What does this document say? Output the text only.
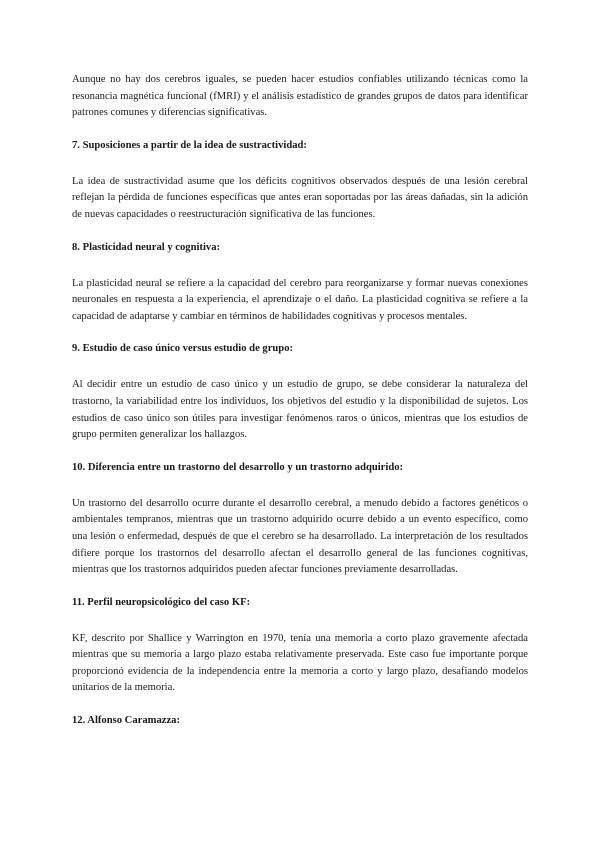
Aunque no hay dos cerebros iguales, se pueden hacer estudios confiables utilizando técnicas como la resonancia magnética funcional (fMRI) y el análisis estadístico de grandes grupos de datos para identificar patrones comunes y diferencias significativas.

7. Suposiciones a partir de la idea de sustractividad:

La idea de sustractividad asume que los déficits cognitivos observados después de una lesión cerebral reflejan la pérdida de funciones específicas que antes eran soportadas por las áreas dañadas, sin la adición de nuevas capacidades o reestructuración significativa de las funciones.

8. Plasticidad neural y cognitiva:

La plasticidad neural se refiere a la capacidad del cerebro para reorganizarse y formar nuevas conexiones neuronales en respuesta a la experiencia, el aprendizaje o el daño. La plasticidad cognitiva se refiere a la capacidad de adaptarse y cambiar en términos de habilidades cognitivas y procesos mentales.

9. Estudio de caso único versus estudio de grupo:

Al decidir entre un estudio de caso único y un estudio de grupo, se debe considerar la naturaleza del trastorno, la variabilidad entre los individuos, los objetivos del estudio y la disponibilidad de sujetos. Los estudios de caso único son útiles para investigar fenómenos raros o únicos, mientras que los estudios de grupo permiten generalizar los hallazgos.

10. Diferencia entre un trastorno del desarrollo y un trastorno adquirido:

Un trastorno del desarrollo ocurre durante el desarrollo cerebral, a menudo debido a factores genéticos o ambientales tempranos, mientras que un trastorno adquirido ocurre debido a un evento específico, como una lesión o enfermedad, después de que el cerebro se ha desarrollado. La interpretación de los resultados difiere porque los trastornos del desarrollo afectan el desarrollo general de las funciones cognitivas, mientras que los trastornos adquiridos pueden afectar funciones previamente desarrolladas.

11. Perfil neuropsicológico del caso KF:

KF, descrito por Shallice y Warrington en 1970, tenía una memoria a corto plazo gravemente afectada mientras que su memoria a largo plazo estaba relativamente preservada. Este caso fue importante porque proporcionó evidencia de la independencia entre la memoria a corto y largo plazo, desafiando modelos unitarios de la memoria.

12. Alfonso Caramazza:
